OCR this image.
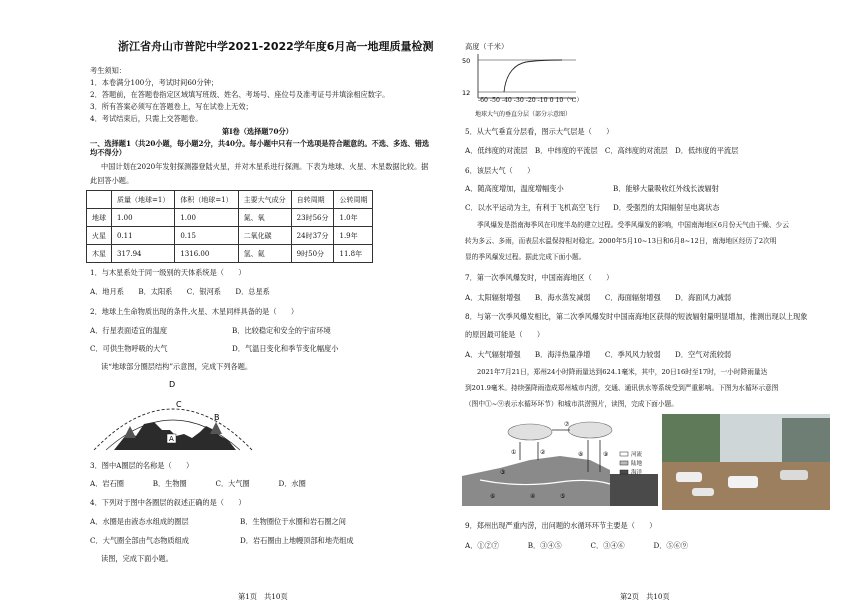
浙江省舟山市普陀中学2021-2022学年度6月高一地理质量检测
考生须知：
1．本卷满分100分，考试时间60分钟；
2．答题前，在答题卷指定区域填写班级、姓名、考场号、座位号及准考证号并填涂相应数字。
3．所有答案必须写在答题卷上，写在试卷上无效；
4．考试结束后，只需上交答题卷。
第Ⅰ卷（选择题70分）
一、选择题1（共20小题，每小题2分，共40分。每小题中只有一个选项是符合题意的。不选、多选、错选均不得分）
中国计划在2020年发射探测器登陆火星，并对木星系进行探测。下表为地球、火星、木星数据比较。据
此回答小题。
	质量（地球=1）	体积（地球=1）	主要大气成分	自转周期	公转周期
地球	1.00	1.00	氮、氧	23时56分	1.0年
火星	0.11	0.15	二氧化碳	24时37分	1.9年
木星	317.94	1316.00	氢、氦	9时50分	11.8年
1．与木星系处于同一级别的天体系统是（　　）
A．地月系　　B．太阳系　　C．银河系　　D．总星系
2．地球上生命物质出现的条件,火星、木星同样具备的是（　　）
A．行星表面适宜的温度	B．比较稳定和安全的宇宙环境
C．可供生物呼吸的大气	D．气温日变化和季节变化幅度小
读“地球部分圈层结构”示意图，完成下列各题。
D
C
B
A
3．图中A圈层的名称是（　　）
A．岩石圈　　　　B．生物圈　　　　C．大气圈　　　　D．水圈
4．下列对于图中各圈层的叙述正确的是（　　）
A．水圈是由液态水组成的圈层	B．生物圈位于水圈和岩石圈之间
C．大气圈全部由气态物质组成	D．岩石圈由上地幔顶部和地壳组成
读图，完成下面小题。
第1页　共10页
高度（千米）
50
12
-60 -50 -40 -30 -20 -10 0 10（℃）
地球大气的垂直分层（部分示意图）
5．从大气垂直分层看，图示大气层是（　　）
A．低纬度的对流层　B．中纬度的平流层　C．高纬度的对流层　D．低纬度的平流层
6．该层大气（　　）
A．随高度增加，温度增幅变小	B．能够大量吸收红外线长波辐射
C．以水平运动为主，有利于飞机高空飞行 D．受强烈的太阳辐射呈电离状态
季风爆发是指南海季风在印度半岛的建立过程。受季风爆发的影响，中国南海地区6月份天气由干燥、少云
转为多云、多雨，而表层水温保持相对稳定。2000年5月10~13日和6月8~12日，南海地区经历了2次明
显的季风爆发过程。据此完成下面小题。
7．第一次季风爆发时，中国南海地区（　　）
A．太阳辐射增强　　B．海水蒸发减弱　　C．海面辐射增强　　D．海面风力减弱
8．与第一次季风爆发相比，第二次季风爆发时中国南海地区获得的短波辐射量明显增加，推测出现以上现象
的原因最可能是（　　）
A．大气辐射增强　　B．海洋热量净增　　C．季风风力较弱　　D．空气对流较弱
2021年7月21日，郑州24小时降雨量达到624.1毫米，其中，20日16时至17时，一小时降雨量达
到201.9毫米。持续强降雨造成郑州城市内涝，交通、通讯供水等系统受到严重影响。下图为水循环示意图
（图中①~⑨表示水循环环节）和城市洪涝照片，读图，完成下面小题。
⑦
①	②	⑧	⑨
③
④	⑤
⑥
河流
陆地
海洋
9．郑州出现严重内涝，出问题的水循环环节主要是（　　）
A．①②⑦　　　　B．③④⑤　　　　C．③④⑥　　　　D．⑤⑥⑨
第2页　共10页
